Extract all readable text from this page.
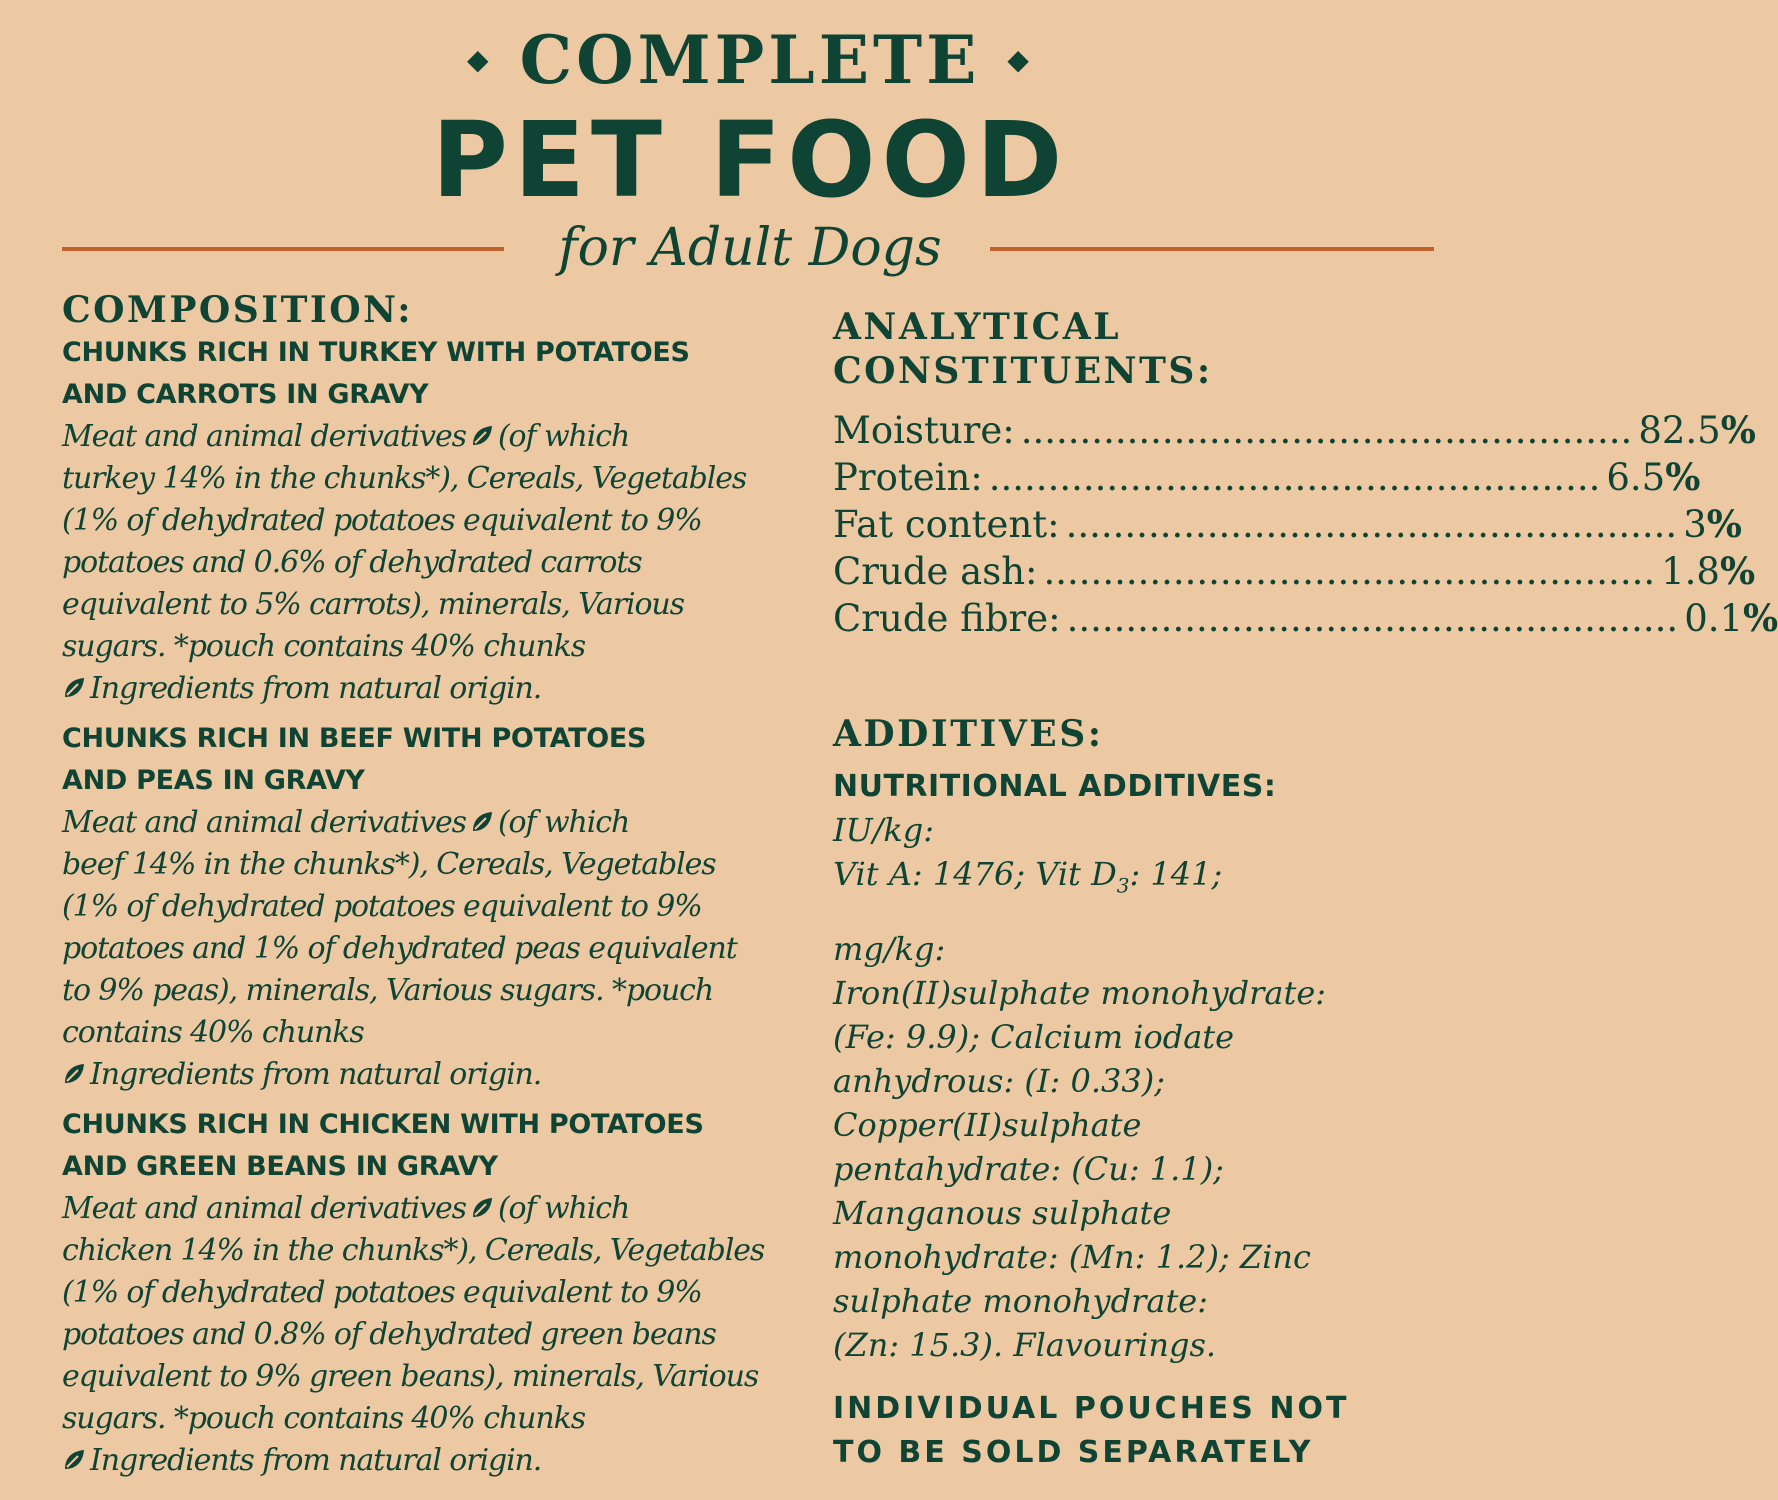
◆ COMPLETE ◆
PET FOOD
for Adult Dogs
COMPOSITION:
CHUNKS RICH IN TURKEY WITH POTATOES
AND CARROTS IN GRAVY
Meat and animal derivatives (of which
turkey 14% in the chunks*), Cereals, Vegetables
(1% of dehydrated potatoes equivalent to 9%
potatoes and 0.6% of dehydrated carrots
equivalent to 5% carrots), minerals, Various
sugars. *pouch contains 40% chunks
Ingredients from natural origin.
CHUNKS RICH IN BEEF WITH POTATOES
AND PEAS IN GRAVY
Meat and animal derivatives (of which
beef 14% in the chunks*), Cereals, Vegetables
(1% of dehydrated potatoes equivalent to 9%
potatoes and 1% of dehydrated peas equivalent
to 9% peas), minerals, Various sugars. *pouch
contains 40% chunks
Ingredients from natural origin.
CHUNKS RICH IN CHICKEN WITH POTATOES
AND GREEN BEANS IN GRAVY
Meat and animal derivatives (of which
chicken 14% in the chunks*), Cereals, Vegetables
(1% of dehydrated potatoes equivalent to 9%
potatoes and 0.8% of dehydrated green beans
equivalent to 9% green beans), minerals, Various
sugars. *pouch contains 40% chunks
Ingredients from natural origin.
ANALYTICAL
CONSTITUENTS:
Moisture: .................................................... 82.5%
Protein: .................................................... 6.5%
Fat content: .................................................... 3%
Crude ash: .................................................... 1.8%
Crude fibre: .................................................... 0.1%
ADDITIVES:
NUTRITIONAL ADDITIVES:
IU/kg:
Vit A: 1476; Vit $D_3$: 141;
mg/kg:
Iron(II)sulphate monohydrate:
(Fe: 9.9); Calcium iodate
anhydrous: (I: 0.33);
Copper(II)sulphate
pentahydrate: (Cu: 1.1);
Manganous sulphate
monohydrate: (Mn: 1.2); Zinc
sulphate monohydrate:
(Zn: 15.3). Flavourings.
INDIVIDUAL POUCHES NOT
TO BE SOLD SEPARATELY
